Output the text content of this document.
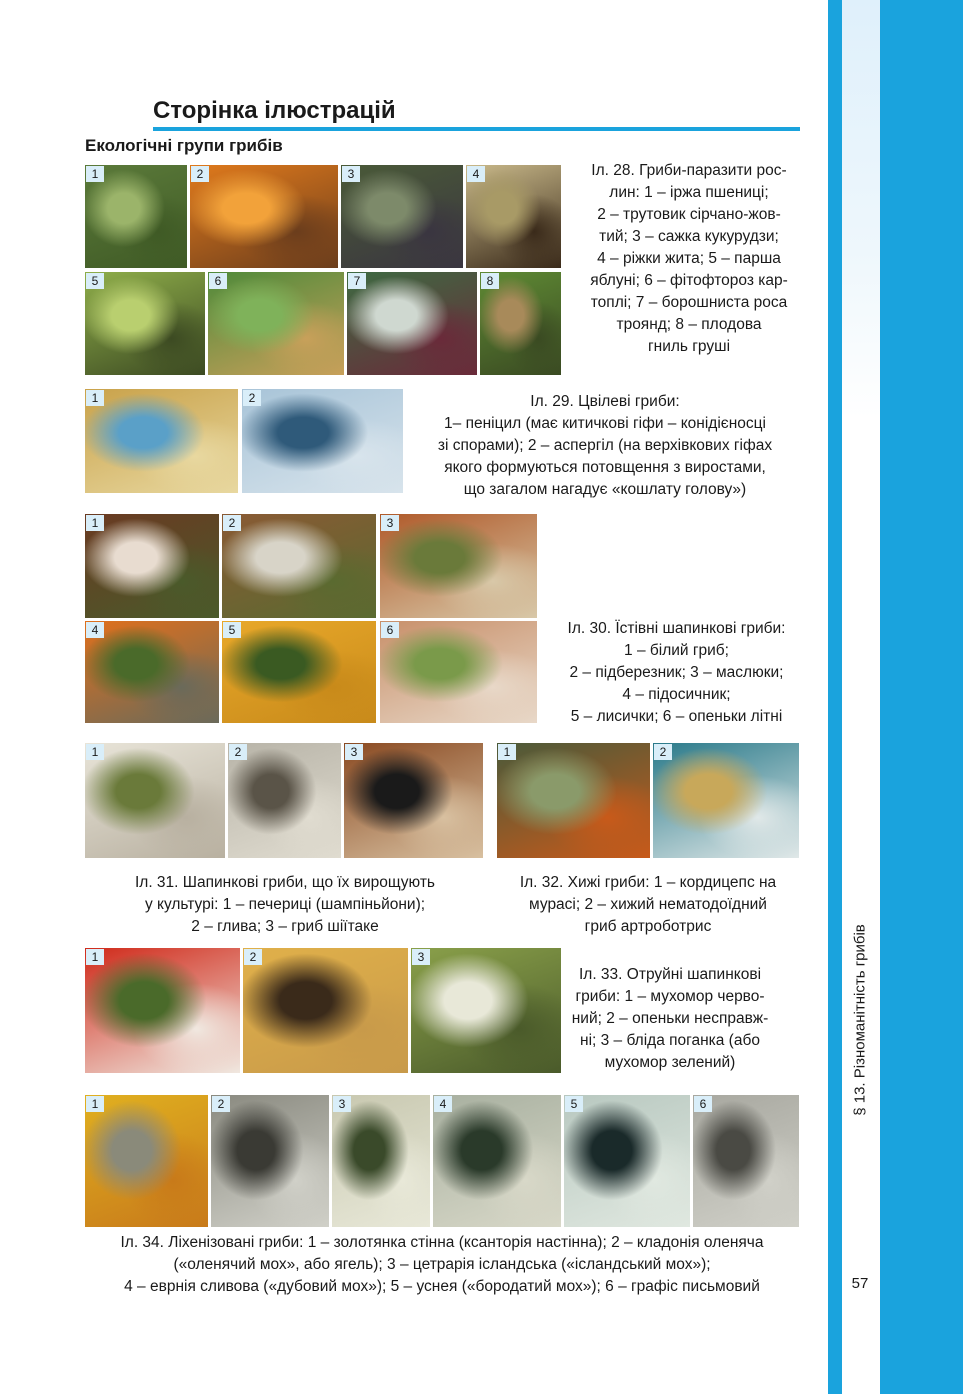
§ 13. Різноманітність грибів
57
Сторінка ілюстрацій
Екологічні групи грибів
1	2	3	4
5	6	7	8
Іл. 28. Гриби-паразити рос-
лин: 1 – іржа пшениці;
2 – трутовик сірчано-жов-
тий; 3 – сажка кукурудзи;
4 – ріжки жита; 5 – парша
яблуні; 6 – фітофтороз кар-
топлі; 7 – борошниста роса
троянд; 8 – плодова
гниль груші
1	2	Іл. 29. Цвілеві гриби:
1– пеніцил (має китичкові гіфи – конідієносці
зі спорами); 2 – аспергіл (на верхівкових гіфах
якого формуються потовщення з виростами,
що загалом нагадує «кошлату голову»)
1	2	3
4	5	6	Іл. 30. Їстівні шапинкові гриби:
1 – білий гриб;
2 – підберезник; 3 – маслюки;
4 – підосичник;
5 – лисички; 6 – опеньки літні
1	2	3
Іл. 31. Шапинкові гриби, що їх вирощують
у культурі: 1 – печериці (шампіньйони);
2 – глива; 3 – гриб шіїтаке
1	2
Іл. 32. Хижі гриби: 1 – кордицепс на
мурасі; 2 – хижий нематодоїдний
гриб артроботрис
1	2	3
Іл. 33. Отруйні шапинкові
гриби: 1 – мухомор черво-
ний; 2 – опеньки несправж-
ні; 3 – бліда поганка (або
мухомор зелений)
1	2	3	4	5	6
Іл. 34. Ліхенізовані гриби: 1 – золотянка стінна (ксанторія настінна); 2 – кладонія оленяча
(«оленячий мох», або ягель); 3 – цетрарія ісландська («ісландський мох»);
4 – еврнія сливова («дубовий мох»); 5 – уснея («бородатий мох»); 6 – графіс письмовий
